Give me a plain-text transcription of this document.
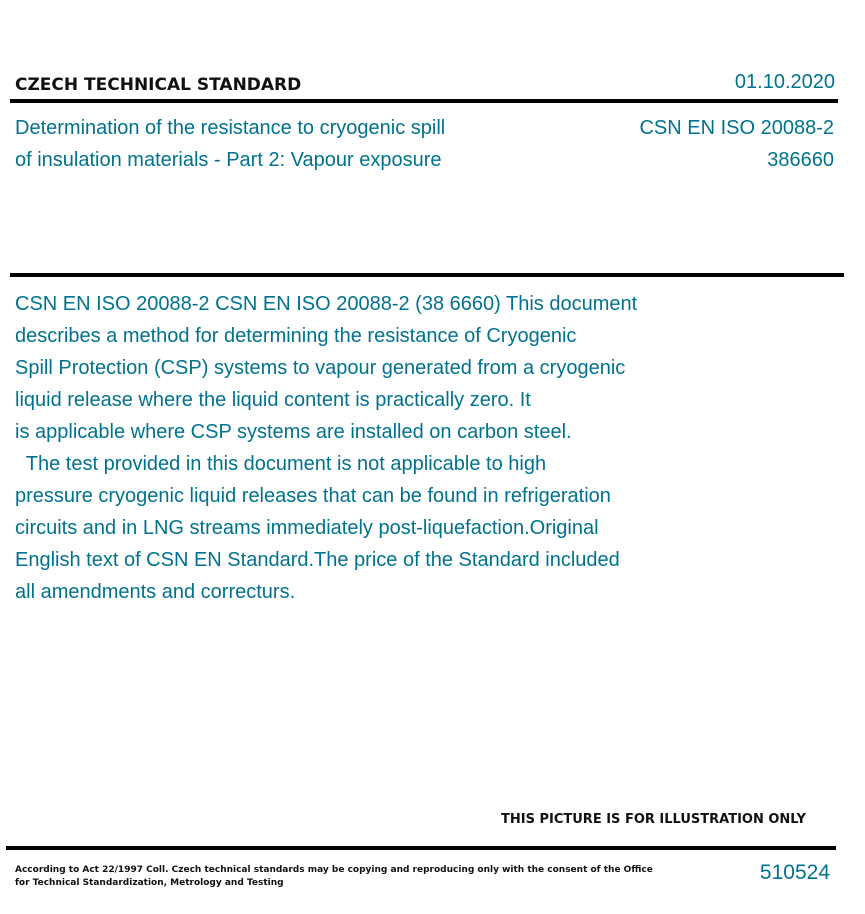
CZECH TECHNICAL STANDARD	01.10.2020
Determination of the resistance to cryogenic spill
of insulation materials - Part 2: Vapour exposure
CSN EN ISO 20088-2
386660

CSN EN ISO 20088-2 CSN EN ISO 20088-2 (38 6660) This document

describes a method for determining the resistance of Cryogenic

Spill Protection (CSP) systems to vapour generated from a cryogenic

liquid release where the liquid content is practically zero. It

is applicable where CSP systems are installed on carbon steel.

The test provided in this document is not applicable to high

pressure cryogenic liquid releases that can be found in refrigeration

circuits and in LNG streams immediately post-liquefaction.Original

English text of CSN EN Standard.The price of the Standard included

all amendments and correcturs.

THIS PICTURE IS FOR ILLUSTRATION ONLY

According to Act 22/1997 Coll. Czech technical standards may be copying and reproducing only with the consent of the Office

for Technical Standardization, Metrology and Testing	510524
